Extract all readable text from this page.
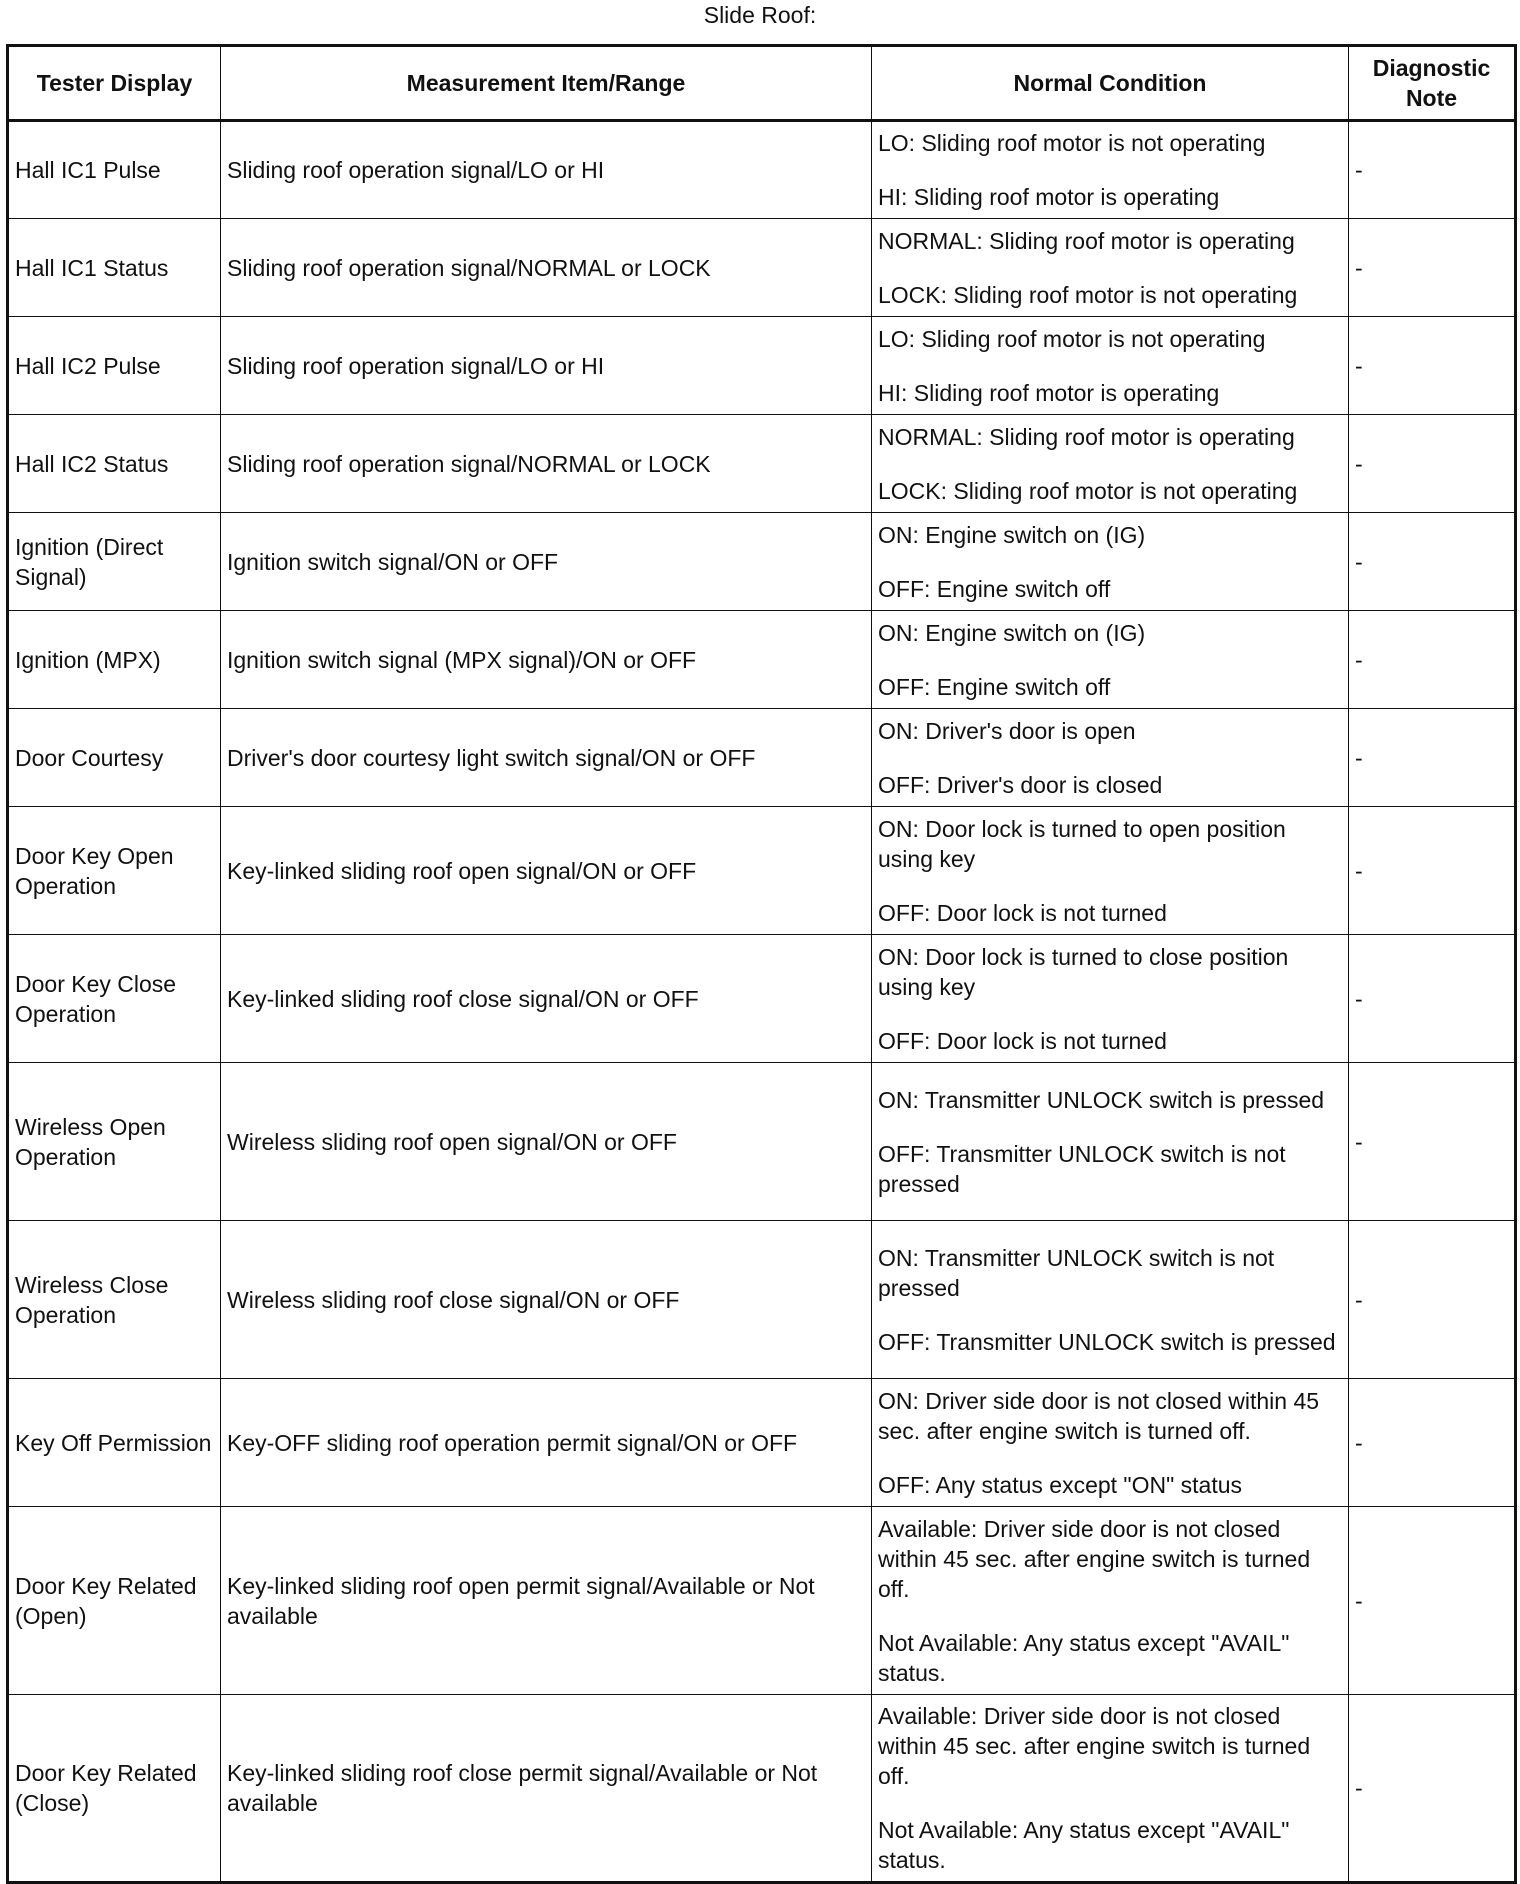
Slide Roof:
Tester Display	Measurement Item/Range	Normal Condition	Diagnostic Note
Hall IC1 Pulse	Sliding roof operation signal/LO or HI	LO: Sliding roof motor is not operating
HI: Sliding roof motor is operating	-
Hall IC1 Status	Sliding roof operation signal/NORMAL or LOCK	NORMAL: Sliding roof motor is operating
LOCK: Sliding roof motor is not operating	-
Hall IC2 Pulse	Sliding roof operation signal/LO or HI	LO: Sliding roof motor is not operating
HI: Sliding roof motor is operating	-
Hall IC2 Status	Sliding roof operation signal/NORMAL or LOCK	NORMAL: Sliding roof motor is operating
LOCK: Sliding roof motor is not operating	-
Ignition (Direct Signal)	Ignition switch signal/ON or OFF	ON: Engine switch on (IG)
OFF: Engine switch off	-
Ignition (MPX)	Ignition switch signal (MPX signal)/ON or OFF	ON: Engine switch on (IG)
OFF: Engine switch off	-
Door Courtesy	Driver's door courtesy light switch signal/ON or OFF	ON: Driver's door is open
OFF: Driver's door is closed	-
Door Key Open Operation	Key-linked sliding roof open signal/ON or OFF	ON: Door lock is turned to open position using key
OFF: Door lock is not turned	-
Door Key Close Operation	Key-linked sliding roof close signal/ON or OFF	ON: Door lock is turned to close position using key
OFF: Door lock is not turned	-
Wireless Open Operation	Wireless sliding roof open signal/ON or OFF	ON: Transmitter UNLOCK switch is pressed
OFF: Transmitter UNLOCK switch is not pressed	-
Wireless Close Operation	Wireless sliding roof close signal/ON or OFF	ON: Transmitter UNLOCK switch is not pressed
OFF: Transmitter UNLOCK switch is pressed	-
Key Off Permission	Key-OFF sliding roof operation permit signal/ON or OFF	ON: Driver side door is not closed within 45 sec. after engine switch is turned off.
OFF: Any status except "ON" status	-
Door Key Related (Open)	Key-linked sliding roof open permit signal/Available or Not available	Available: Driver side door is not closed within 45 sec. after engine switch is turned off.
Not Available: Any status except "AVAIL" status.	-
Door Key Related (Close)	Key-linked sliding roof close permit signal/Available or Not available	Available: Driver side door is not closed within 45 sec. after engine switch is turned off.
Not Available: Any status except "AVAIL" status.	-
